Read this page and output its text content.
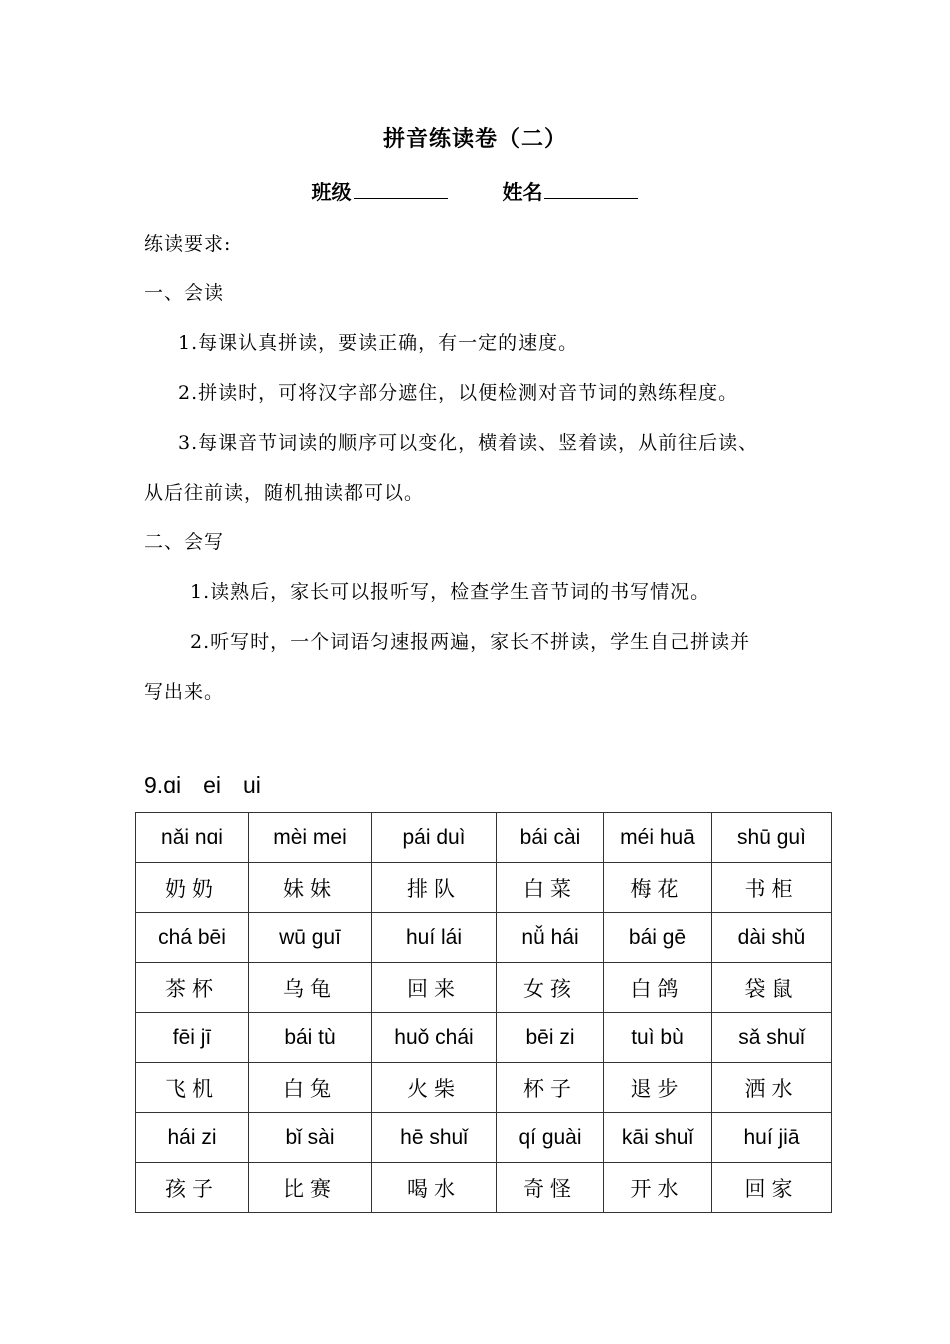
拼音练读卷（二）
班级	姓名
练读要求:
一、会读
1.每课认真拼读，要读正确，有一定的速度。
2.拼读时，可将汉字部分遮住，以便检测对音节词的熟练程度。
3.每课音节词读的顺序可以变化，横着读、竖着读，从前往后读、
从后往前读，随机抽读都可以。
二、会写
1.读熟后，家长可以报听写，检查学生音节词的书写情况。
2.听写时，一个词语匀速报两遍，家长不拼读，学生自己拼读并
写出来。
9.ɑi ei ui
nǎi nɑi	mèi mei	pái duì	bái cài	méi huā	shū guì
奶奶	妹妹	排队	白菜	梅花	书柜
chá bēi	wū guī	huí lái	nǚ hái	bái gē	dài shǔ
茶杯	乌龟	回来	女孩	白鸽	袋鼠
fēi jī	bái tù	huǒ chái	bēi zi	tuì bù	sǎ shuǐ
飞机	白兔	火柴	杯子	退步	洒水
hái zi	bǐ sài	hē shuǐ	qí guài	kāi shuǐ	huí jiā
孩子	比赛	喝水	奇怪	开水	回家
